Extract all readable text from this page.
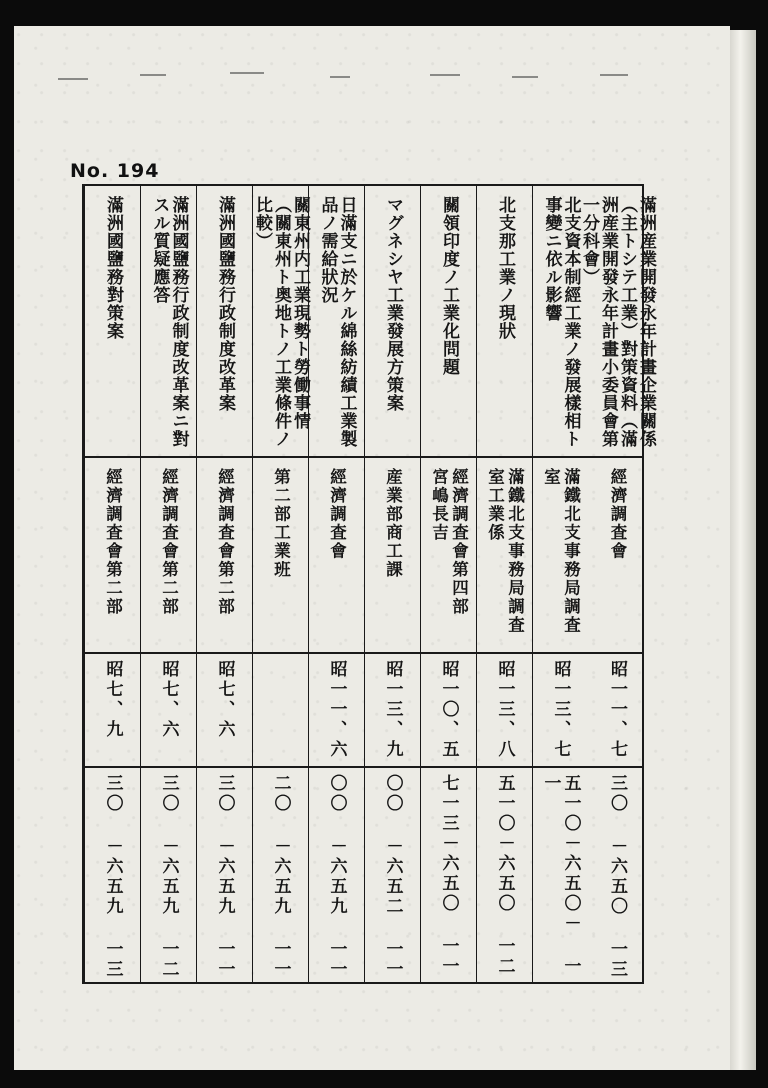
No. 194
滿洲産業開發永年計畫企業關係（主トシテ工業）對策資料（滿洲産業開發永年計畫小委員會第一分科會）
經濟調査會
昭一一、七
三〇 －六五〇 一三
北支資本制經工業ノ發展樣相ト事變ニ依ル影響
滿鐵北支事務局調査室
昭一三、七
五一〇－六五〇－ 一一
北支那工業ノ現狀
滿鐵北支事務局調査室工業係
昭一三、八
五一〇－六五〇 一二
關領印度ノ工業化問題
經濟調査會第四部 宮嶋長吉
昭一〇、五
七一三－六五〇 一一
マグネシヤ工業發展方策案
産業部商工課
昭一三、九
〇〇 －六五二 一一
日滿支ニ於ケル綿絲紡績工業製品ノ需給狀況
經濟調査會
昭一一、六
〇〇 －六五九 一一
關東州内工業現勢ト勞働事情（關東州ト奥地トノ工業條件ノ比較）
第二部工業班
二〇 －六五九 一一
滿洲國鹽務行政制度改革案
經濟調査會第二部
昭七、六
三〇 －六五九 一一
滿洲國鹽務行政制度改革案ニ對スル質疑應答
經濟調査會第二部
昭七、六
三〇 －六五九 一二
滿洲國鹽務對策案
經濟調査會第二部
昭七、九
三〇 －六五九 一三
